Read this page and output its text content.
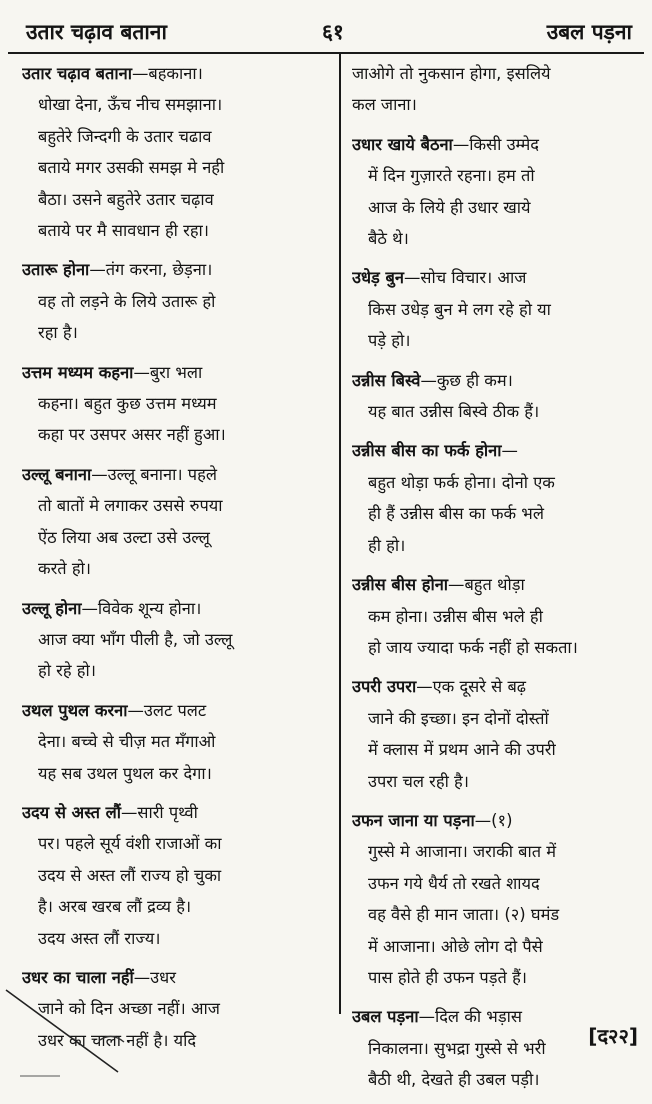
उतार चढ़ाव बताना	६१	उबल पड़ना
उतार चढ़ाव बताना—बहकाना।
धोखा देना, ऊँच नीच समझाना।
बहुतेरे जिन्दगी के उतार चढाव
बताये मगर उसकी समझ मे नही
बैठा। उसने बहुतेरे उतार चढ़ाव
बताये पर मै सावधान ही रहा।
उतारू होना—तंग करना, छेड़ना।
वह तो लड़ने के लिये उतारू हो
रहा है।
उत्तम मध्यम कहना—बुरा भला
कहना। बहुत कुछ उत्तम मध्यम
कहा पर उसपर असर नहीं हुआ।
उल्लू बनाना—उल्लू बनाना। पहले
तो बातों मे लगाकर उससे रुपया
ऐंठ लिया अब उल्टा उसे उल्लू
करते हो।
उल्लू होना—विवेक शून्य होना।
आज क्या भाँग पीली है, जो उल्लू
हो रहे हो।
उथल पुथल करना—उलट पलट
देना। बच्चे से चीज़ मत मँगाओ
यह सब उथल पुथल कर देगा।
उदय से अस्त लौं—सारी पृथ्वी
पर। पहले सूर्य वंशी राजाओं का
उदय से अस्त लौं राज्य हो चुका
है। अरब खरब लौं द्रव्य है।
उदय अस्त लौं राज्य।
उधर का चाला नहीं—उधर
जाने को दिन अच्छा नहीं। आज
उधर का चाला नहीं है। यदि
जाओगे तो नुकसान होगा, इसलिये
कल जाना।
उधार खाये बैठना—किसी उम्मेद
में दिन गुज़ारते रहना। हम तो
आज के लिये ही उधार खाये
बैठे थे।
उधेड़ बुन—सोच विचार। आज
किस उधेड़ बुन मे लग रहे हो या
पड़े हो।
उन्नीस बिस्वे—कुछ ही कम।
यह बात उन्नीस बिस्वे ठीक हैं।
उन्नीस बीस का फर्क होना—
बहुत थोड़ा फर्क होना। दोनो एक
ही हैं उन्नीस बीस का फर्क भले
ही हो।
उन्नीस बीस होना—बहुत थोड़ा
कम होना। उन्नीस बीस भले ही
हो जाय ज्यादा फर्क नहीं हो सकता।
उपरी उपरा—एक दूसरे से बढ़
जाने की इच्छा। इन दोनों दोस्तों
में क्लास में प्रथम आने की उपरी
उपरा चल रही है।
उफन जाना या पड़ना—(१)
गुस्से मे आजाना। जराकी बात में
उफन गये धैर्य तो रखते शायद
वह वैसे ही मान जाता। (२) घमंड
में आजाना। ओछे लोग दो पैसे
पास होते ही उफन पड़ते हैं।
उबल पड़ना—दिल की भड़ास
निकालना। सुभद्रा गुस्से से भरी
बैठी थी, देखते ही उबल पड़ी।
[द२२]
